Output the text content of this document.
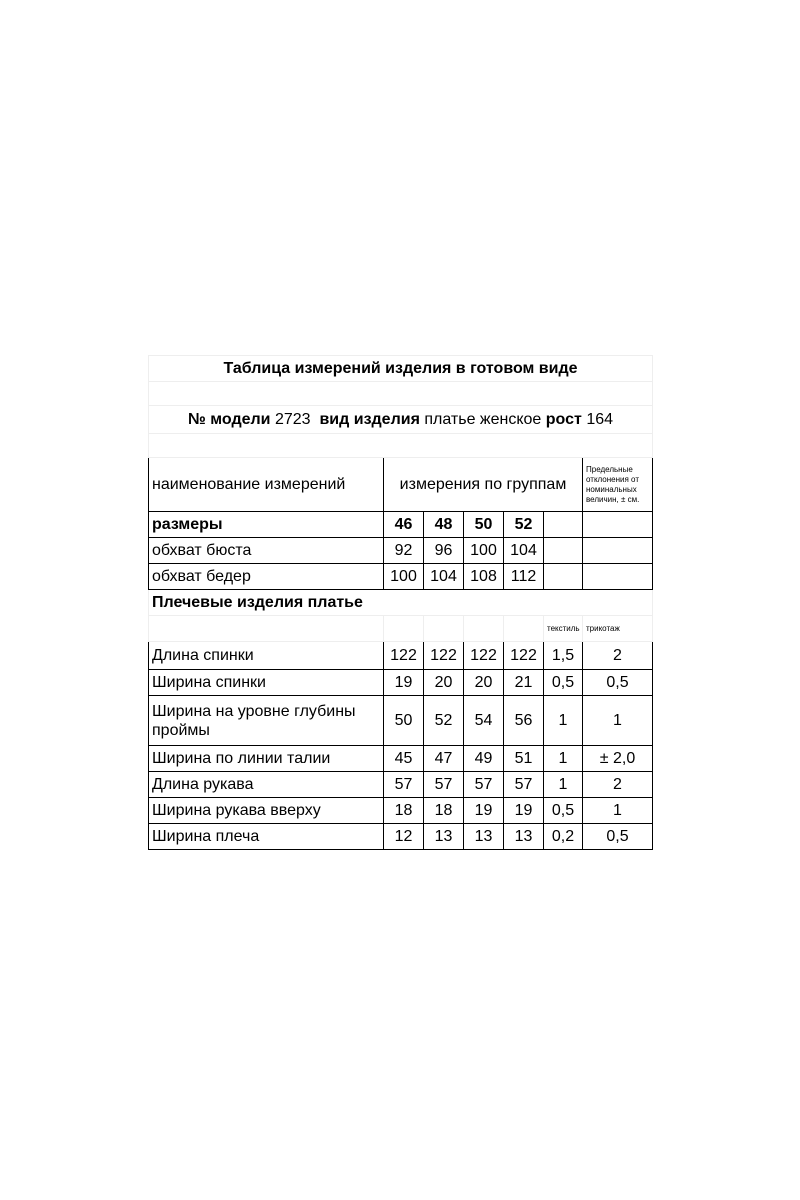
Таблица измерений изделия в готовом виде						

№ модели 2723 вид изделия платье женское рост 164						

наименование измерений	измерения по группам					Предельные отклонения от номинальных величин, ± см.
размеры	46	48	50	52		
обхват бюста	92	96	100	104		
обхват бедер	100	104	108	112		
Плечевые изделия платье						
					текстиль	трикотаж
Длина спинки	122	122	122	122	1,5	2
Ширина спинки	19	20	20	21	0,5	0,5
Ширина на уровне глубины проймы	50	52	54	56	1	1
Ширина по линии талии	45	47	49	51	1	± 2,0
Длина рукава	57	57	57	57	1	2
Ширина рукава вверху	18	18	19	19	0,5	1
Ширина плеча	12	13	13	13	0,2	0,5
